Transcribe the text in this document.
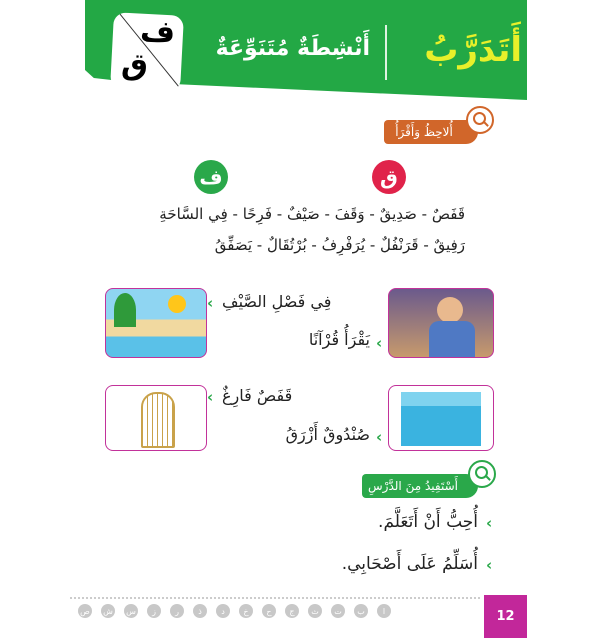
أَتَدَرَّبُ
أَنْشِطَةٌ مُتَنَوِّعَةٌ
ف
ق
أُلاحِظُ وَأَقْرَأُ
ق
ف
قَفَصٌ - صَدِيقٌ - وَقَفَ - صَيْفٌ - فَرِحًا - فِي السَّاحَةِ
رَفِيقٌ - قَرَنْفُلٌ - يُرَفْرِفُ - بُرْتُقَالٌ - يَصَفِّقُ
‹ فِي فَصْلِ الصَّيْفِ
‹
يَقْرَأُ قُرْآنًا
‹ قَفَصٌ فَارِغٌ
‹
صُنْدُوقٌ أَزْرَقُ
أَسْتَفِيدُ مِنَ الدَّرْسِ
‹
أُحِبُّ أَنْ أَتَعَلَّمَ.
‹
أُسَلِّمُ عَلَى أَصْحَابِي.
ا
ب
ت
ث
ج
ح
خ
د
ذ
ر
ز
س
ش
ص	12
